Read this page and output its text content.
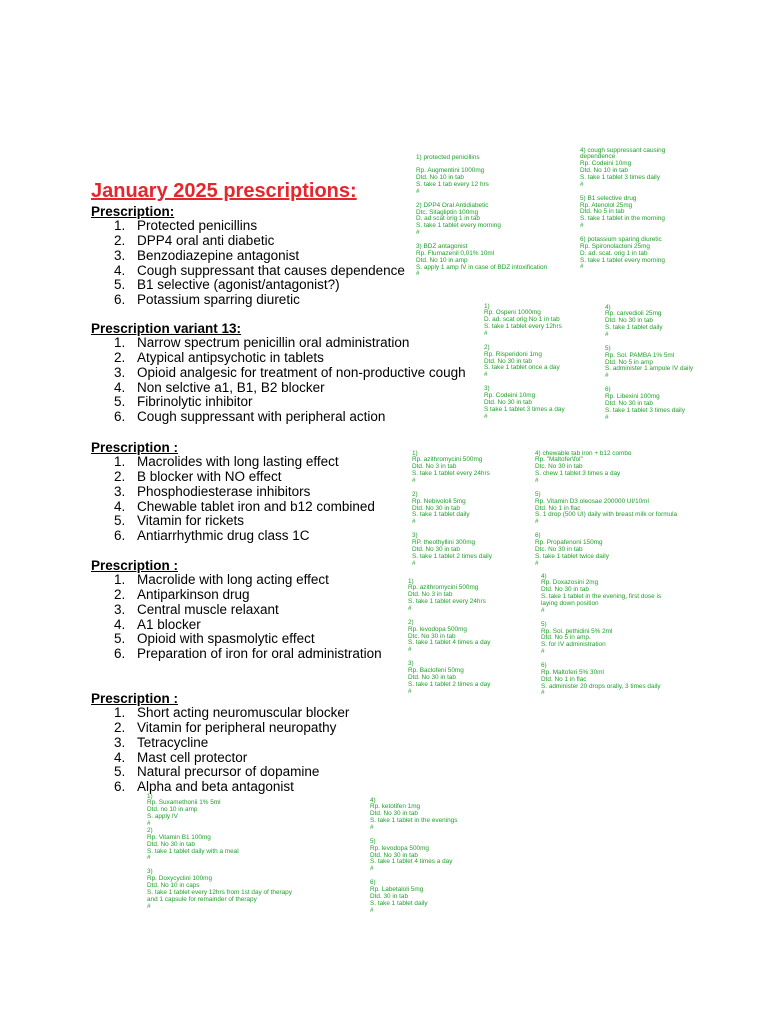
January 2025 prescriptions:
Prescription:
1. Protected penicillins
2. DPP4 oral anti diabetic
3. Benzodiazepine antagonist
4. Cough suppressant that causes dependence
5. B1 selective (agonist/antagonist?)
6. Potassium sparring diuretic
Prescription variant 13:
1. Narrow spectrum penicillin oral administration
2. Atypical antipsychotic in tablets
3. Opioid analgesic for treatment of non-productive cough
4. Non selctive a1, B1, B2 blocker
5. Fibrinolytic inhibitor
6. Cough suppressant with peripheral action
Prescription :
1. Macrolides with long lasting effect
2. B blocker with NO effect
3. Phosphodiesterase inhibitors
4. Chewable tablet iron and b12 combined
5. Vitamin for rickets
6. Antiarrhythmic drug class 1C
Prescription :
1. Macrolide with long acting effect
2. Antiparkinson drug
3. Central muscle relaxant
4. A1 blocker
5. Opioid with spasmolytic effect
6. Preparation of iron for oral administration
Prescription :
1. Short acting neuromuscular blocker
2. Vitamin for peripheral neuropathy
3. Tetracycline
4. Mast cell protector
5. Natural precursor of dopamine
6. Alpha and beta antagonist
1) protected penicillins
Rp. Augmentini 1000mg
Dtd. No 10 in tab
S. take 1 tab every 12 hrs
#
2) DPP4 Oral Antidiabetic
Dtc. Sitagliptin 100mg
D. ad scat orig 1 in tab
S. take 1 tablet every morning
#
3) BDZ antagonist
Rp. Flumazenil 0,01% 10ml
Dtd. No 10 in amp
S. apply 1 amp IV in case of BDZ intoxification
#
4) cough suppressant causing
dependence
Rp. Codeini 10mg
Dtd. No 10 in tab
S. take 1 tablet 3 times daily
#
5) B1 selective drug
Rp. Atenolol 25mg
Dtd. No 5 in tab
S. take 1 tablet in the morning
#
6) potassium sparing diuretic
Rp. Spironolactoni 25mg
D. ad. scat. orig 1 in tab
S. take 1 tablet every morning
#
1)
Rp. Ospeni 1000mg
D. ad. scat orig No 1 in tab
S. take 1 tablet every 12hrs
#
2)
Rp. Risperidoni 1mg
Dtd. No 30 in tab
S. take 1 tablet once a day
#
3)
Rp. Codeini 10mg
Dtd. No 30 in tab
S take 1 tablet 3 times a day
#
4)
Rp. carvedioli 25mg
Dtd. No 30 in tab
S. take 1 tablet daily
#
5)
Rp. Sol. PAMBA 1% 5ml
Dtd. No 5 in amp
S. administer 1 ampule IV daily
#
6)
Rp. Libexini 100mg
Dtd. No 30 in tab
S. take 1 tablet 3 times daily
#
1)
Rp. azithromycini 500mg
Dtd. No 3 in tab
S. take 1 tablet every 24hrs
#
2)
Rp. Nebivololi 5mg
Dtd. No 30 in tab
S. take 1 tablet daily
#
3)
RP. theothyllini 300mg
Dtd. No 30 in tab
S. take 1 tablet 2 times daily
#
4) chewable tab iron + b12 combo
Rp. "Maltofer\fol"
Dtc. No 30 in tab
S. chew 1 tablet 3 times a day
#
5)
Rp. Vitamin D3 oleosae 200000 UI/10ml
Dtd. No 1 in flac
S. 1 drop (500 UI) daily with breast milk or formula
#
6)
Rp. Propafenoni 150mg
Dtc. No 30 in tab
S. take 1 tablet twice daily
#
1)
Rp. azithromycini 500mg
Dtd. No 3 in tab
S. take 1 tablet every 24hrs
#
2)
Rp. levodopa 500mg
Dtc. No 30 in tab
S. take 1 tablet 4 times a day
#
3)
Rp. Baclofeni 50mg
Dtd. No 30 in tab
S. take 1 tablet 2 times a day
#
4)
Rp. Doxazosini 2mg
Dtd. No 30 in tab
S. take 1 tablet in the evening, first dose is
laying down position
#
5)
Rp. Sol. pethidini 5% 2ml
Dtd. No 5 in amp.
S. for IV administration
#
6)
Rp. Maltoferi 5% 30ml
Dtd. No 1 in flac
S. administer 20 drops orally, 3 times daily
#
1)
Rp. Suxamethonii 1% 5ml
Dtd. no 10 in amp
S. apply IV
#
2)
Rp. Vitamin B1 100mg
Dtd. No 30 in tab
S. take 1 tablet daily with a meal
#
3)
Rp. Doxycyclini 100mg
Dtd. No 10 in caps
S. take 1 tablet every 12hrs from 1st day of therapy
and 1 capsule for remainder of therapy
#
4)
Rp. ketotifen 1mg
Dtd. No 30 in tab
S. take 1 tablet in the evenings
#
5)
Rp. levodopa 500mg
Dtd. No 30 in tab
S. take 1 tablet 4 times a day
#
6)
Rp. Labetaloli 5mg
Dtd. 30 in tab
S. take 1 tablet daily
#
